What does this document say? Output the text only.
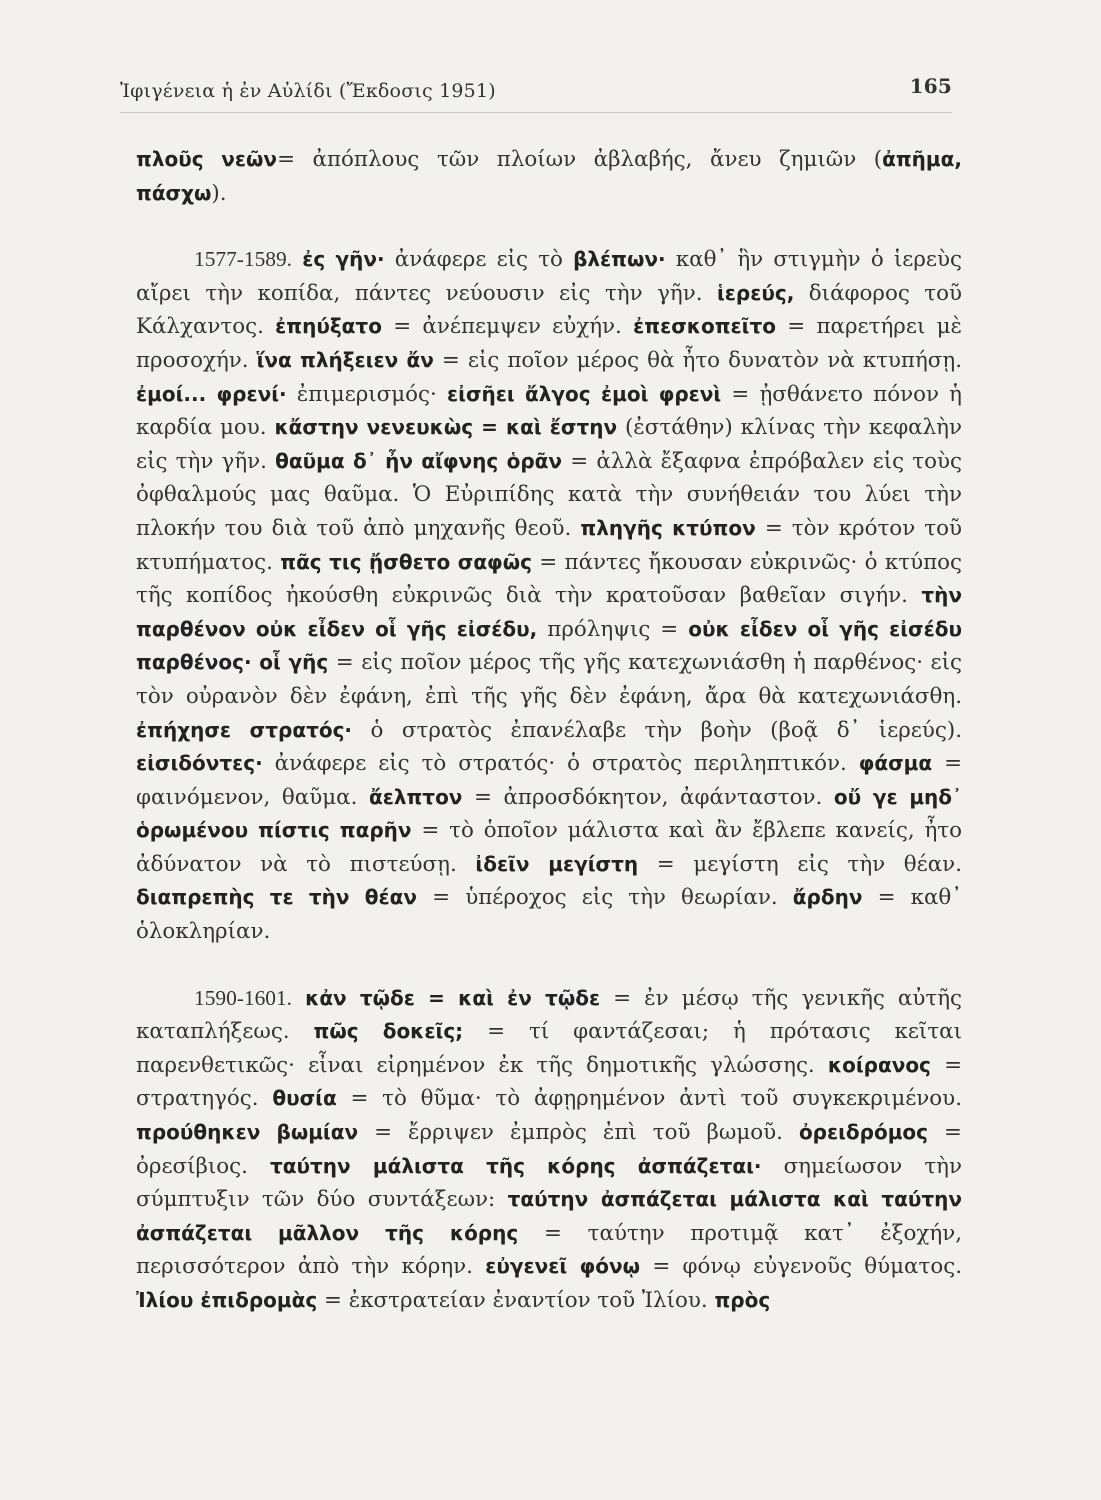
Ἰφιγένεια ἡ ἐν Αὐλίδι (Ἔκδοσις 1951)	165

πλοῦς νεῶν= ἀπόπλους τῶν πλοίων ἀβλαβής, ἄνευ ζημιῶν (ἀπῆμα, πάσχω).

1577-1589. ἐς γῆν· ἀνάφερε εἰς τὸ βλέπων· καθ᾿ ἣν στιγμὴν ὁ ἱερεὺς αἴρει τὴν κοπίδα, πάντες νεύουσιν εἰς τὴν γῆν. ἱερεύς, διάφορος τοῦ Κάλχαντος. ἐπηύξατο = ἀνέπεμψεν εὐχήν. ἐπεσκοπεῖτο = παρετήρει μὲ προσοχήν. ἵνα πλήξειεν ἄν = εἰς ποῖον μέρος θὰ ἦτο δυνατὸν νὰ κτυπήσῃ. ἐμοί... φρενί· ἐπιμερισμός· εἰσῆει ἄλγος ἐμοὶ φρενὶ = ᾐσθάνετο πόνον ἡ καρδία μου. κἄστην νενευκὼς = καὶ ἔστην (ἐστάθην) κλίνας τὴν κεφαλὴν εἰς τὴν γῆν. θαῦμα δ᾿ ἦν αἴφνης ὁρᾶν = ἀλλὰ ἔξαφνα ἐπρόβαλεν εἰς τοὺς ὀφθαλμούς μας θαῦμα. Ὁ Εὐριπίδης κατὰ τὴν συνήθειάν του λύει τὴν πλοκήν του διὰ τοῦ ἀπὸ μηχανῆς θεοῦ. πληγῆς κτύπον = τὸν κρότον τοῦ κτυπήματος. πᾶς τις ᾔσθετο σαφῶς = πάντες ἤκουσαν εὐκρινῶς· ὁ κτύπος τῆς κοπίδος ἠκούσθη εὐκρινῶς διὰ τὴν κρατοῦσαν βαθεῖαν σιγήν. τὴν παρθένον οὐκ εἶδεν οἷ γῆς εἰσέδυ, πρόληψις = οὐκ εἶδεν οἷ γῆς εἰσέδυ παρθένος· οἷ γῆς = εἰς ποῖον μέρος τῆς γῆς κατεχωνιάσθη ἡ παρθένος· εἰς τὸν οὐρανὸν δὲν ἐφάνη, ἐπὶ τῆς γῆς δὲν ἐφάνη, ἄρα θὰ κατεχωνιάσθη. ἐπήχησε στρατός· ὁ στρατὸς ἐπανέλαβε τὴν βοὴν (βοᾷ δ᾿ ἱερεύς). εἰσιδόντες· ἀνάφερε εἰς τὸ στρατός· ὁ στρατὸς περιληπτικόν. φάσμα = φαινόμενον, θαῦμα. ἄελπτον = ἀπροσδόκητον, ἀφάνταστον. οὔ γε μηδ᾿ ὁρωμένου πίστις παρῆν = τὸ ὁποῖον μάλιστα καὶ ἂν ἔβλεπε κανείς, ἦτο ἀδύνατον νὰ τὸ πιστεύσῃ. ἰδεῖν μεγίστη = μεγίστη εἰς τὴν θέαν. διαπρεπὴς τε τὴν θέαν = ὑπέροχος εἰς τὴν θεωρίαν. ἄρδην = καθ᾿ ὁλοκληρίαν.

1590-1601. κἀν τῷδε = καὶ ἐν τῷδε = ἐν μέσῳ τῆς γενικῆς αὐτῆς καταπλήξεως. πῶς δοκεῖς; = τί φαντάζεσαι; ἡ πρότασις κεῖται παρενθετικῶς· εἶναι εἰρημένον ἐκ τῆς δημοτικῆς γλώσσης. κοίρανος = στρατηγός. θυσία = τὸ θῦμα· τὸ ἀφῃρημένον ἀντὶ τοῦ συγκεκριμένου. προύθηκεν βωμίαν = ἔρριψεν ἐμπρὸς ἐπὶ τοῦ βωμοῦ. ὀρειδρόμος = ὀρεσίβιος. ταύτην μάλιστα τῆς κόρης ἀσπάζεται· σημείωσον τὴν σύμπτυξιν τῶν δύο συντάξεων: ταύτην ἀσπάζεται μάλιστα καὶ ταύτην ἀσπάζεται μᾶλλον τῆς κόρης = ταύτην προτιμᾷ κατ᾿ ἐξοχήν, περισσότερον ἀπὸ τὴν κόρην. εὐγενεῖ φόνῳ = φόνῳ εὐγενοῦς θύματος. Ἰλίου ἐπιδρομὰς = ἐκστρατείαν ἐναντίον τοῦ Ἰλίου. πρὸς
